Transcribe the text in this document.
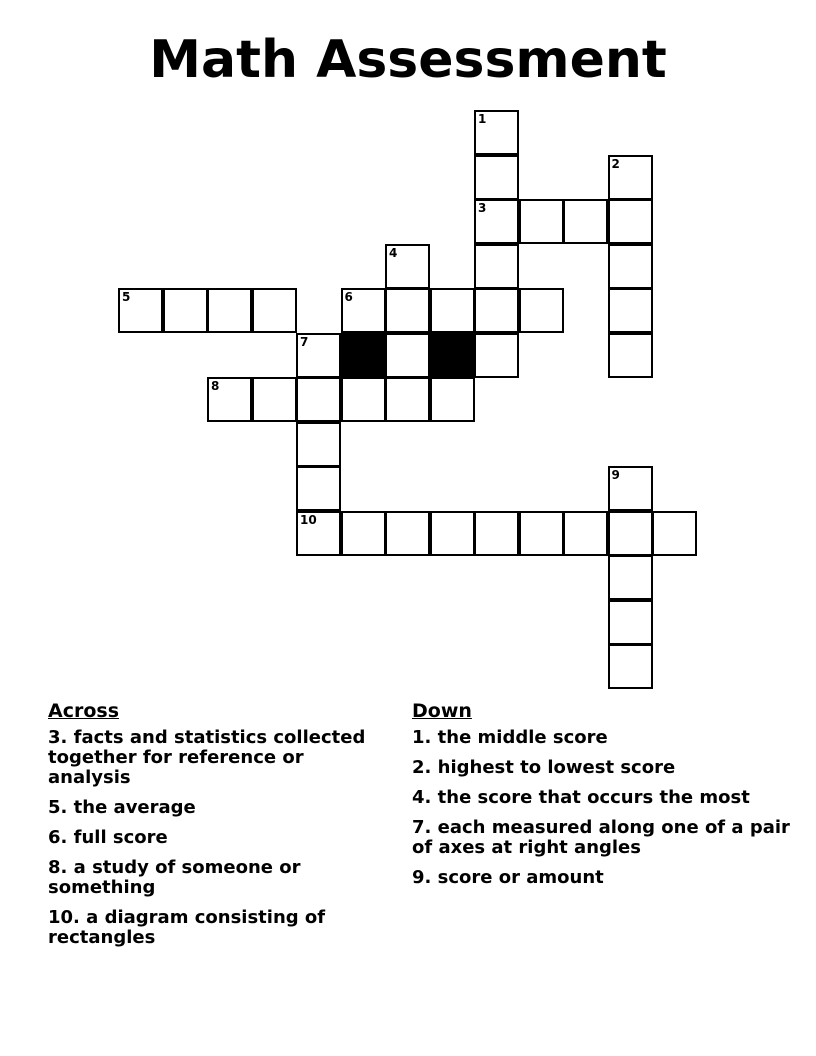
Math Assessment
1
2
3
4
5	6
7
8
9
10
Across
3. facts and statistics collected together for reference or analysis
5. the average
6. full score
8. a study of someone or something
10. a diagram consisting of rectangles
Down
1. the middle score
2. highest to lowest score
4. the score that occurs the most
7. each measured along one of a pair of axes at right angles
9. score or amount
